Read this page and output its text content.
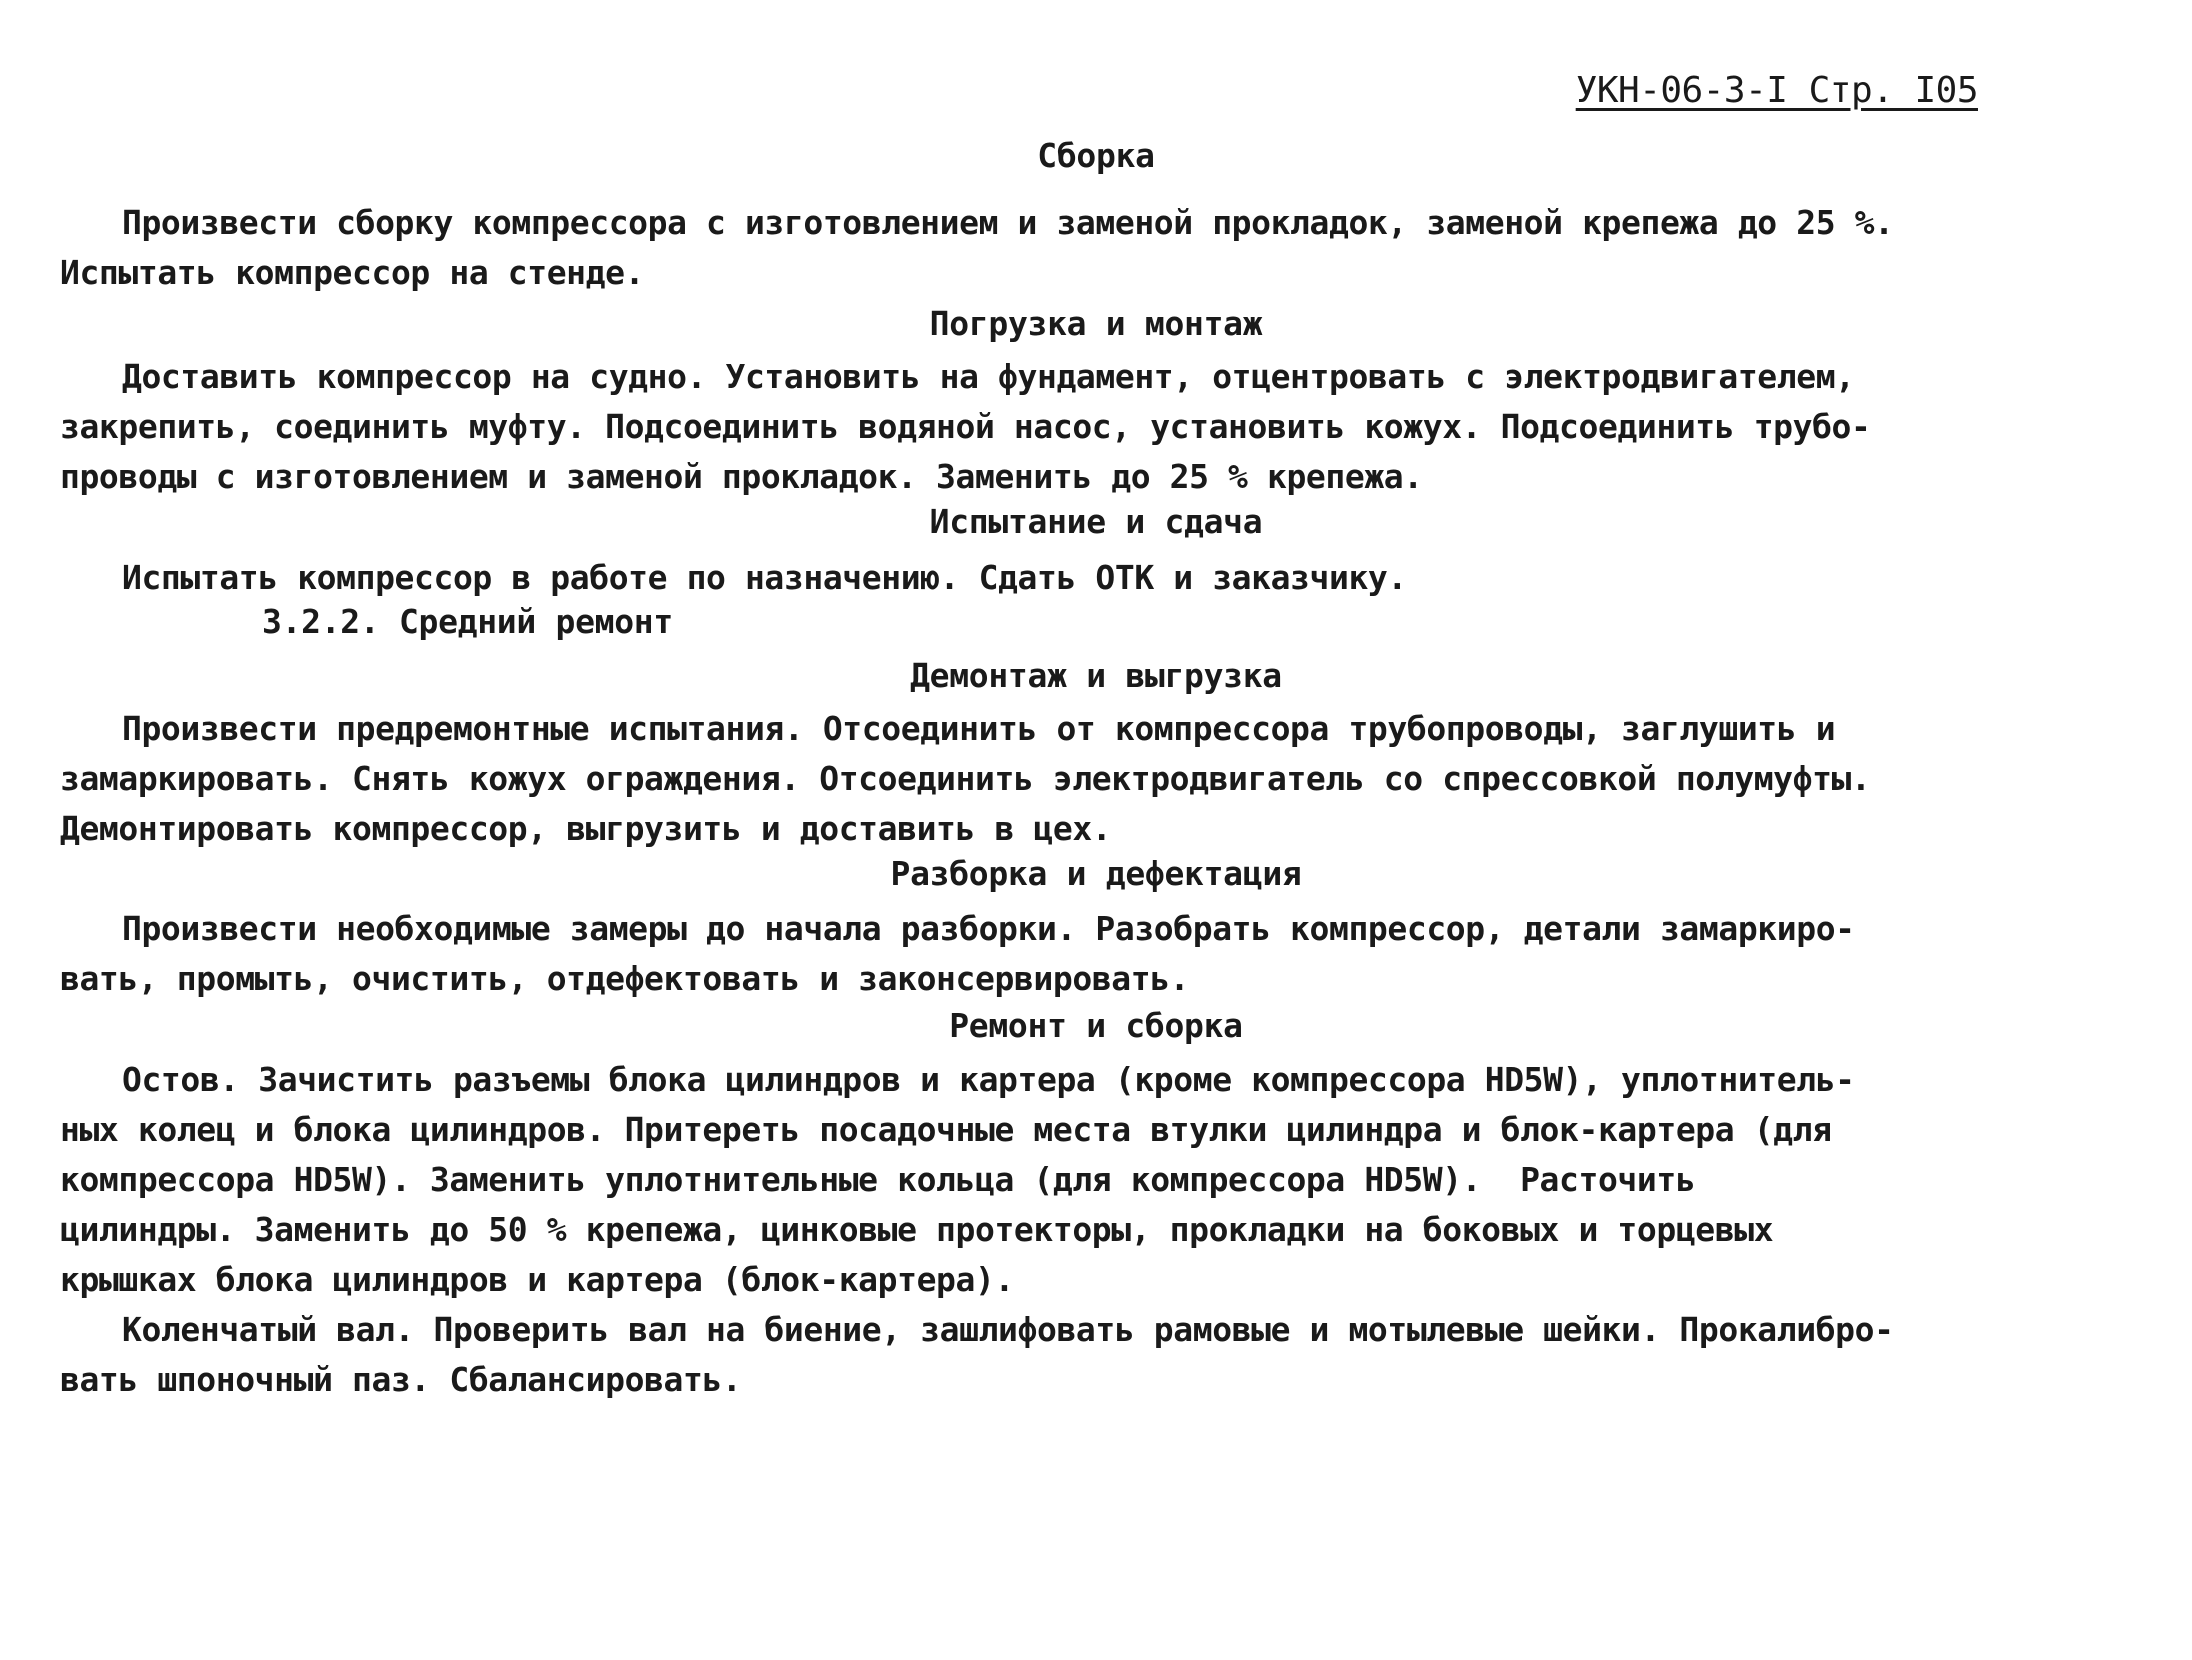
УКН-06-3-I Стр. I05
Сборка
Произвести сборку компрессора с изготовлением и заменой прокладок, заменой крепежа до 25 %.
Испытать компрессор на стенде.
Погрузка и монтаж
Доставить компрессор на судно. Установить на фундамент, отцентровать с электродвигателем,
закрепить, соединить муфту. Подсоединить водяной насос, установить кожух. Подсоединить трубо-
проводы с изготовлением и заменой прокладок. Заменить до 25 % крепежа.
Испытание и сдача
Испытать компрессор в работе по назначению. Сдать ОТК и заказчику.
3.2.2. Средний ремонт
Демонтаж и выгрузка
Произвести предремонтные испытания. Отсоединить от компрессора трубопроводы, заглушить и
замаркировать. Снять кожух ограждения. Отсоединить электродвигатель со спрессовкой полумуфты.
Демонтировать компрессор, выгрузить и доставить в цех.
Разборка и дефектация
Произвести необходимые замеры до начала разборки. Разобрать компрессор, детали замаркиро-
вать, промыть, очистить, отдефектовать и законсервировать.
Ремонт и сборка
Остов. Зачистить разъемы блока цилиндров и картера (кроме компрессора HD5W), уплотнитель-
ных колец и блока цилиндров. Притереть посадочные места втулки цилиндра и блок-картера (для
компрессора HD5W). Заменить уплотнительные кольца (для компрессора HD5W).  Расточить
цилиндры. Заменить до 50 % крепежа, цинковые протекторы, прокладки на боковых и торцевых
крышках блока цилиндров и картера (блок-картера).
Коленчатый вал. Проверить вал на биение, зашлифовать рамовые и мотылевые шейки. Прокалибро-
вать шпоночный паз. Сбалансировать.
